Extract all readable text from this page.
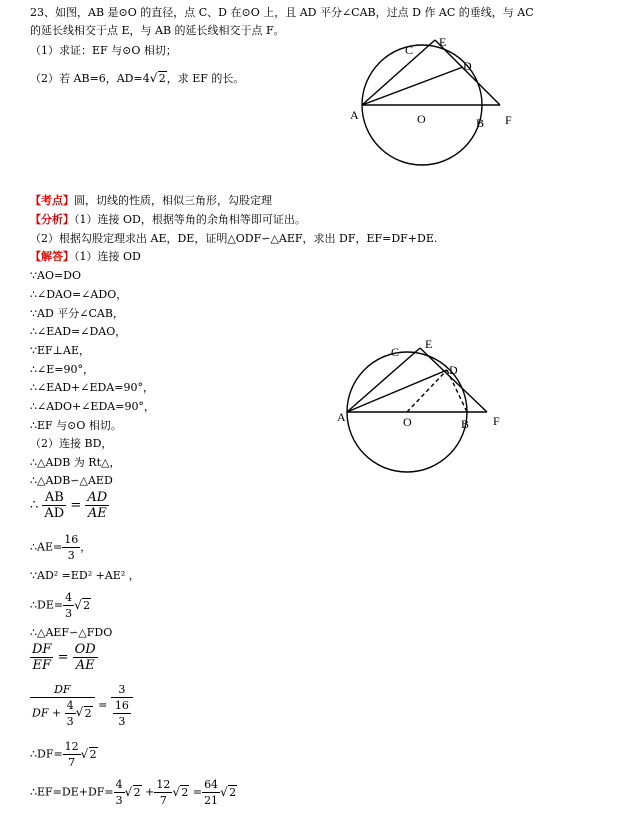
23、如图，AB 是⊙O 的直径，点 C、D 在⊙O 上，且 AD 平分∠CAB，过点 D 作 AC 的垂线，与 AC
的延长线相交于点 E，与 AB 的延长线相交于点 F。
（1）求证：EF 与⊙O 相切；
（2）若 AB=6，AD=4√ 2，求 EF 的长。
A	O	B F
C
E
D
【考点】圆，切线的性质，相似三角形，勾股定理
【分析】（1）连接 OD，根据等角的余角相等即可证出。
（2）根据勾股定理求出 AE，DE，证明△ODF∽△AEF，求出 DF，EF=DF+DE.
【解答】（1）连接 OD
∵AO=DO
∴∠DAO=∠ADO，
∵AD 平分∠CAB，
∴∠EAD=∠DAO，
∵EF⊥AE，
∴∠E=90°，
∴∠EAD+∠EDA=90°，
∴∠ADO+∠EDA=90°，
∴EF 与⊙O 相切。
（2）连接 BD，
∴△ADB 为 Rt△，
∴△ADB∽△AED
A	O	B F
C
E
D
∴ $\frac{AB}{AD} = \frac{AD}{AE}$
∴AE= $\frac{16}{3}$ ，
∵AD² =ED² +AE² ，
∴DE= $\frac{4}{3}$
√ 2
∴△AEF∽△FDO
$\frac{DF}{EF} = \frac{OD}{AE}$
DF
DF + $\frac{4}{3}$
√ $2 = \frac{3}{\frac{16}{3}}$
∴DF= $\frac{12}{7}$
√ 2
∴EF=DE+DF= $\frac{4}{3}$
√ $2 + \frac{12}{7}$
√ $2 = \frac{64}{21}$
√ 2
